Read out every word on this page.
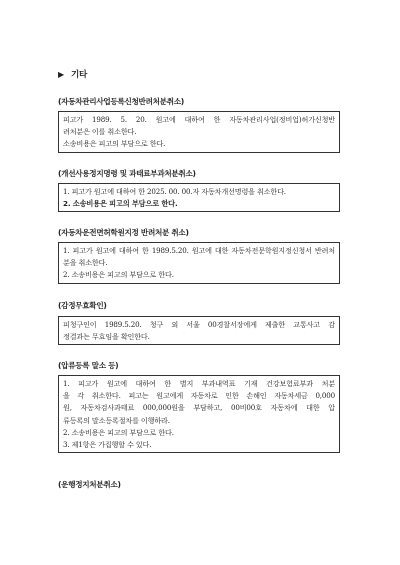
▶ 기타
(자동차관리사업등록신청반려처분취소)
피고가 1989. 5. 20. 원고에 대하여 한 자동차관리사업(정비업)허가신청반
려처분은 이를 취소한다.
소송비용은 피고의 부담으로 한다.
(개선사용정지명령 및 과태료부과처분취소)
1. 피고가 원고에 대하여 한 2025. 00. 00.자 자동차개선명령을 취소한다.
2. 소송비용은 피고의 부담으로 한다.
(자동차운전면허학원지정 반려처분 취소)
1. 피고가 원고에 대하여 한 1989.5.20. 원고에 대한 자동차전문학원지정신청서 반려처
분을 취소한다.
2. 소송비용은 피고의 부담으로 한다.
(감정무효확인)
피청구인이 1989.5.20. 청구 외 서울 00경찰서장에게 제출한 교통사고 감
정결과는 무효임을 확인한다.
(압류등록 말소 등)
1. 피고가 원고에 대하여 한 별지 부과내역표 기재 건강보험료부과 처분
을 각 취소한다. 피고는 원고에게 자동차로 인한 손해인 자동차세금 0,000
원, 자동차검사과태료 000,000원을 부담하고, 00비00호 자동차에 대한 압
류등록의 말소등록절차를 이행하라.
2. 소송비용은 피고의 부담으로 한다.
3. 제1항은 가집행할 수 있다.
(운행정지처분취소)
